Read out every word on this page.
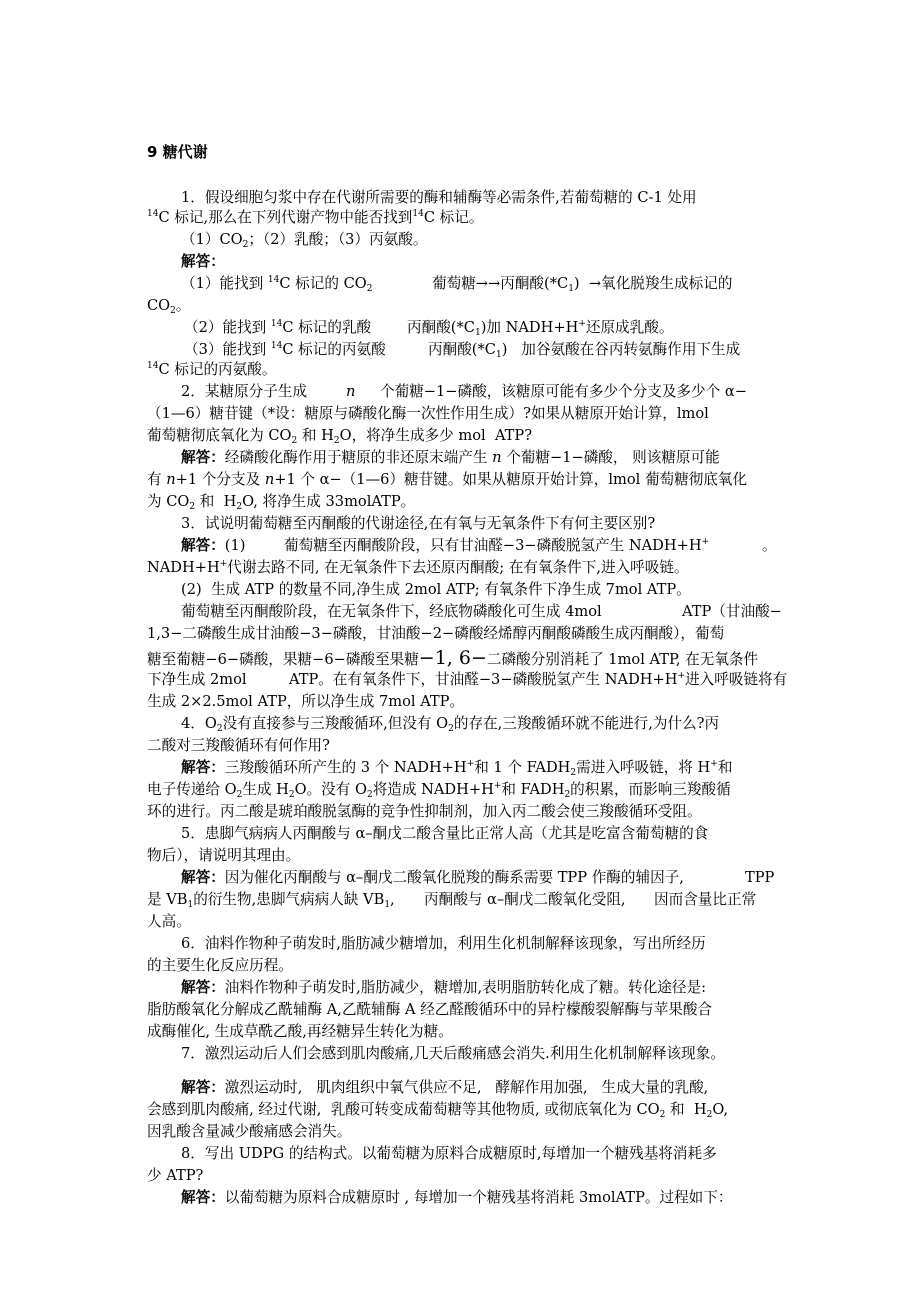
9 糖代谢
1．假设细胞匀浆中存在代谢所需要的酶和辅酶等必需条件,若葡萄糖的 C-1 处用
$^{14}$C 标记,那么在下列代谢产物中能否找到$^{14}$C 标记。
$(1)CO_2$；（2）乳酸；（3）丙氨酸。
解答：
（1）能找到 $^{14}$C 标记的 $CO_2$	葡萄糖→→丙酮酸$(*C_1)$  →氧化脱羧生成标记的
$CO_2$。
（2）能找到 $^{14}$C 标记的乳酸 丙酮酸$(*C_1)$加 NADH+H+还原成乳酸。
（3）能找到 $^{14}$C 标记的丙氨酸	丙酮酸$(*C_1)$   加谷氨酸在谷丙转氨酶作用下生成
$^{14}$C 标记的丙氨酸。
2．某糖原分子生成	n 个葡糖−1−磷酸，该糖原可能有多少个分支及多少个 α−
（1—6）糖苷键（*设：糖原与磷酸化酶一次性作用生成）?如果从糖原开始计算，lmol
葡萄糖彻底氧化为 $CO_2$ 和 $H_2O$，将净生成多少 mol  ATP?
解答：经磷酸化酶作用于糖原的非还原末端产生 n 个葡糖−1−磷酸， 则该糖原可能
有 n+1 个分支及 n+1 个 α−（1—6）糖苷键。如果从糖原开始计算，lmol 葡萄糖彻底氧化
为 $CO_2$ 和  $H_2O$, 将净生成 33molATP。
3．试说明葡萄糖至丙酮酸的代谢途径,在有氧与无氧条件下有何主要区别?
解答：(1)	葡萄糖至丙酮酸阶段，只有甘油醛−3−磷酸脱氢产生 NADH+H+	。
NADH+H+代谢去路不同, 在无氧条件下去还原丙酮酸; 在有氧条件下,进入呼吸链。
(2)  生成 ATP 的数量不同,净生成 2mol ATP; 有氧条件下净生成 7mol ATP。
葡萄糖至丙酮酸阶段，在无氧条件下，经底物磷酸化可生成 4mol	ATP（甘油酸−
1,3−二磷酸生成甘油酸−3−磷酸，甘油酸−2−磷酸经烯醇丙酮酸磷酸生成丙酮酸），葡萄
糖至葡糖−6−磷酸，果糖−6−磷酸至果糖−1, 6−二磷酸分别消耗了 1mol ATP, 在无氧条件
下净生成 2mol	ATP。在有氧条件下，甘油醛−3−磷酸脱氢产生 NADH+H+进入呼吸链将有
生成 2×2.5mol ATP，所以净生成 7mol ATP。
4．$O_2$没有直接参与三羧酸循环,但没有 $O_2$的存在,三羧酸循环就不能进行,为什么?丙
二酸对三羧酸循环有何作用?
解答：三羧酸循环所产生的 3 个 NADH+H+和 1 个 $FADH_2$需进入呼吸链，将 H+和
电子传递给 $O_2$生成 $H_2O$。没有 $O_2$将造成 NADH+H+和 $FADH_2$的积累，而影响三羧酸循
环的进行。丙二酸是琥珀酸脱氢酶的竞争性抑制剂，加入丙二酸会使三羧酸循环受阻。
5．患脚气病病人丙酮酸与 α–酮戊二酸含量比正常人高（尤其是吃富含葡萄糖的食
物后），请说明其理由。
解答：因为催化丙酮酸与 α–酮戊二酸氧化脱羧的酶系需要 TPP 作酶的辅因子,	TPP
是 $VB_1$的衍生物,患脚气病病人缺 $VB_1$, 丙酮酸与 α–酮戊二酸氧化受阻, 因而含量比正常
人高。
6．油料作物种子萌发时,脂肪减少糖增加，利用生化机制解释该现象，写出所经历
的主要生化反应历程。
解答：油料作物种子萌发时,脂肪减少，糖增加,表明脂肪转化成了糖。转化途径是:
脂肪酸氧化分解成乙酰辅酶 A,乙酰辅酶 A 经乙醛酸循环中的异柠檬酸裂解酶与苹果酸合
成酶催化, 生成草酰乙酸,再经糖异生转化为糖。
7．激烈运动后人们会感到肌肉酸痛,几天后酸痛感会消失.利用生化机制解释该现象。
解答：激烈运动时,   肌肉组织中氧气供应不足,   酵解作用加强,   生成大量的乳酸,
会感到肌肉酸痛, 经过代谢,  乳酸可转变成葡萄糖等其他物质, 或彻底氧化为 $CO_2$ 和  $H_2O$,
因乳酸含量减少酸痛感会消失。
8．写出 UDPG 的结构式。以葡萄糖为原料合成糖原时,每增加一个糖残基将消耗多
少 ATP?
解答：以葡萄糖为原料合成糖原时 , 每增加一个糖残基将消耗 3molATP。过程如下：
